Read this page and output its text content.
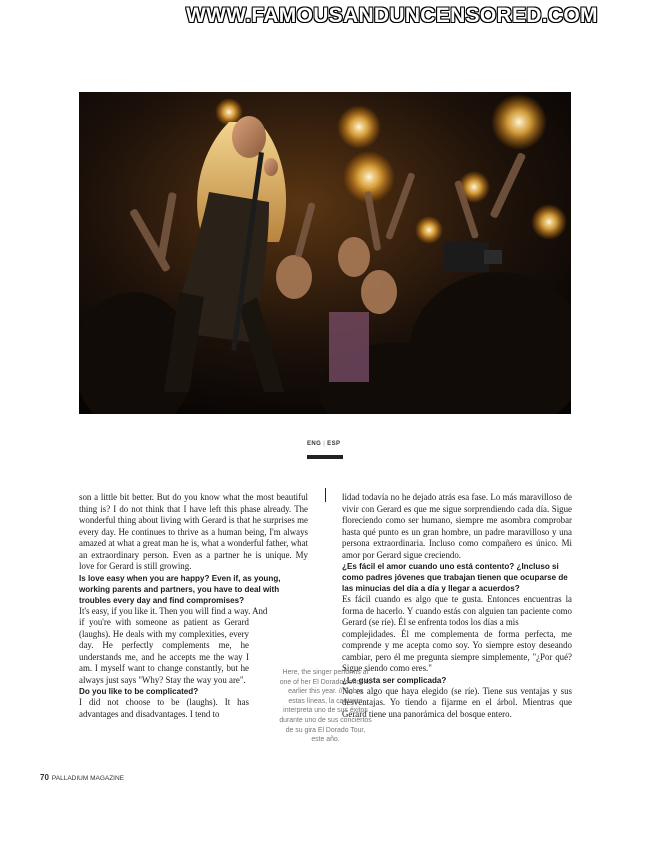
WWW.FAMOUSANDUNCENSORED.COM
ENG | ESP

son a little bit better. But do you know what the most beautiful thing is? I do not think that I have left this phase already. The wonderful thing about living with Gerard is that he surprises me every day. He continues to thrive as a human being, I'm always amazed at what a great man he is, what a wonderful father, what an extraordinary person. Even as a partner he is unique. My love for Gerard is still growing.

Is love easy when you are happy? Even if, as young, working parents and partners, you have to deal with troubles every day and find compromises?

It's easy, if you like it. Then you will find a way. And

if you're with someone as patient as Gerard (laughs). He deals with my complexities, every day. He perfectly complements me, he understands me, and he accepts me the way I am. I myself want to change constantly, but he always just says "Why? Stay the way you are".

Do you like to be complicated?

I did not choose to be (laughs). It has advantages and disadvantages. I tend to

lidad todavía no he dejado atrás esa fase. Lo más maravilloso de vivir con Gerard es que me sigue sorprendiendo cada día. Sigue floreciendo como ser humano, siempre me asombra comprobar hasta qué punto es un gran hombre, un padre maravilloso y una persona extraordinaria. Incluso como compañero es único. Mi amor por Gerard sigue creciendo.

¿Es fácil el amor cuando uno está contento? ¿Incluso si como padres jóvenes que trabajan tienen que ocuparse de las minucias del día a día y llegar a acuerdos?

Es fácil cuando es algo que te gusta. Entonces encuentras la forma de hacerlo. Y cuando estás con alguien tan paciente como Gerard (se ríe). Él se enfrenta todos los días a mis

complejidades. Él me complementa de forma perfecta, me comprende y me acepta como soy. Yo siempre estoy deseando cambiar, pero él me pregunta siempre simplemente, "¿Por qué? Sigue siendo como eres."

¿Le gusta ser complicada?

No es algo que haya elegido (se ríe). Tiene sus ventajas y sus desventajas. Yo tiendo a fijarme en el árbol. Mientras que Gerard tiene una panorámica del bosque entero.

Here, the singer performs at one of her El Dorado concerts earlier this year. // Sobre estas líneas, la cantante interpreta uno de sus éxitos durante uno de sus conciertos de su gira El Dorado Tour, este año.
70 PALLADIUM MAGAZINE
